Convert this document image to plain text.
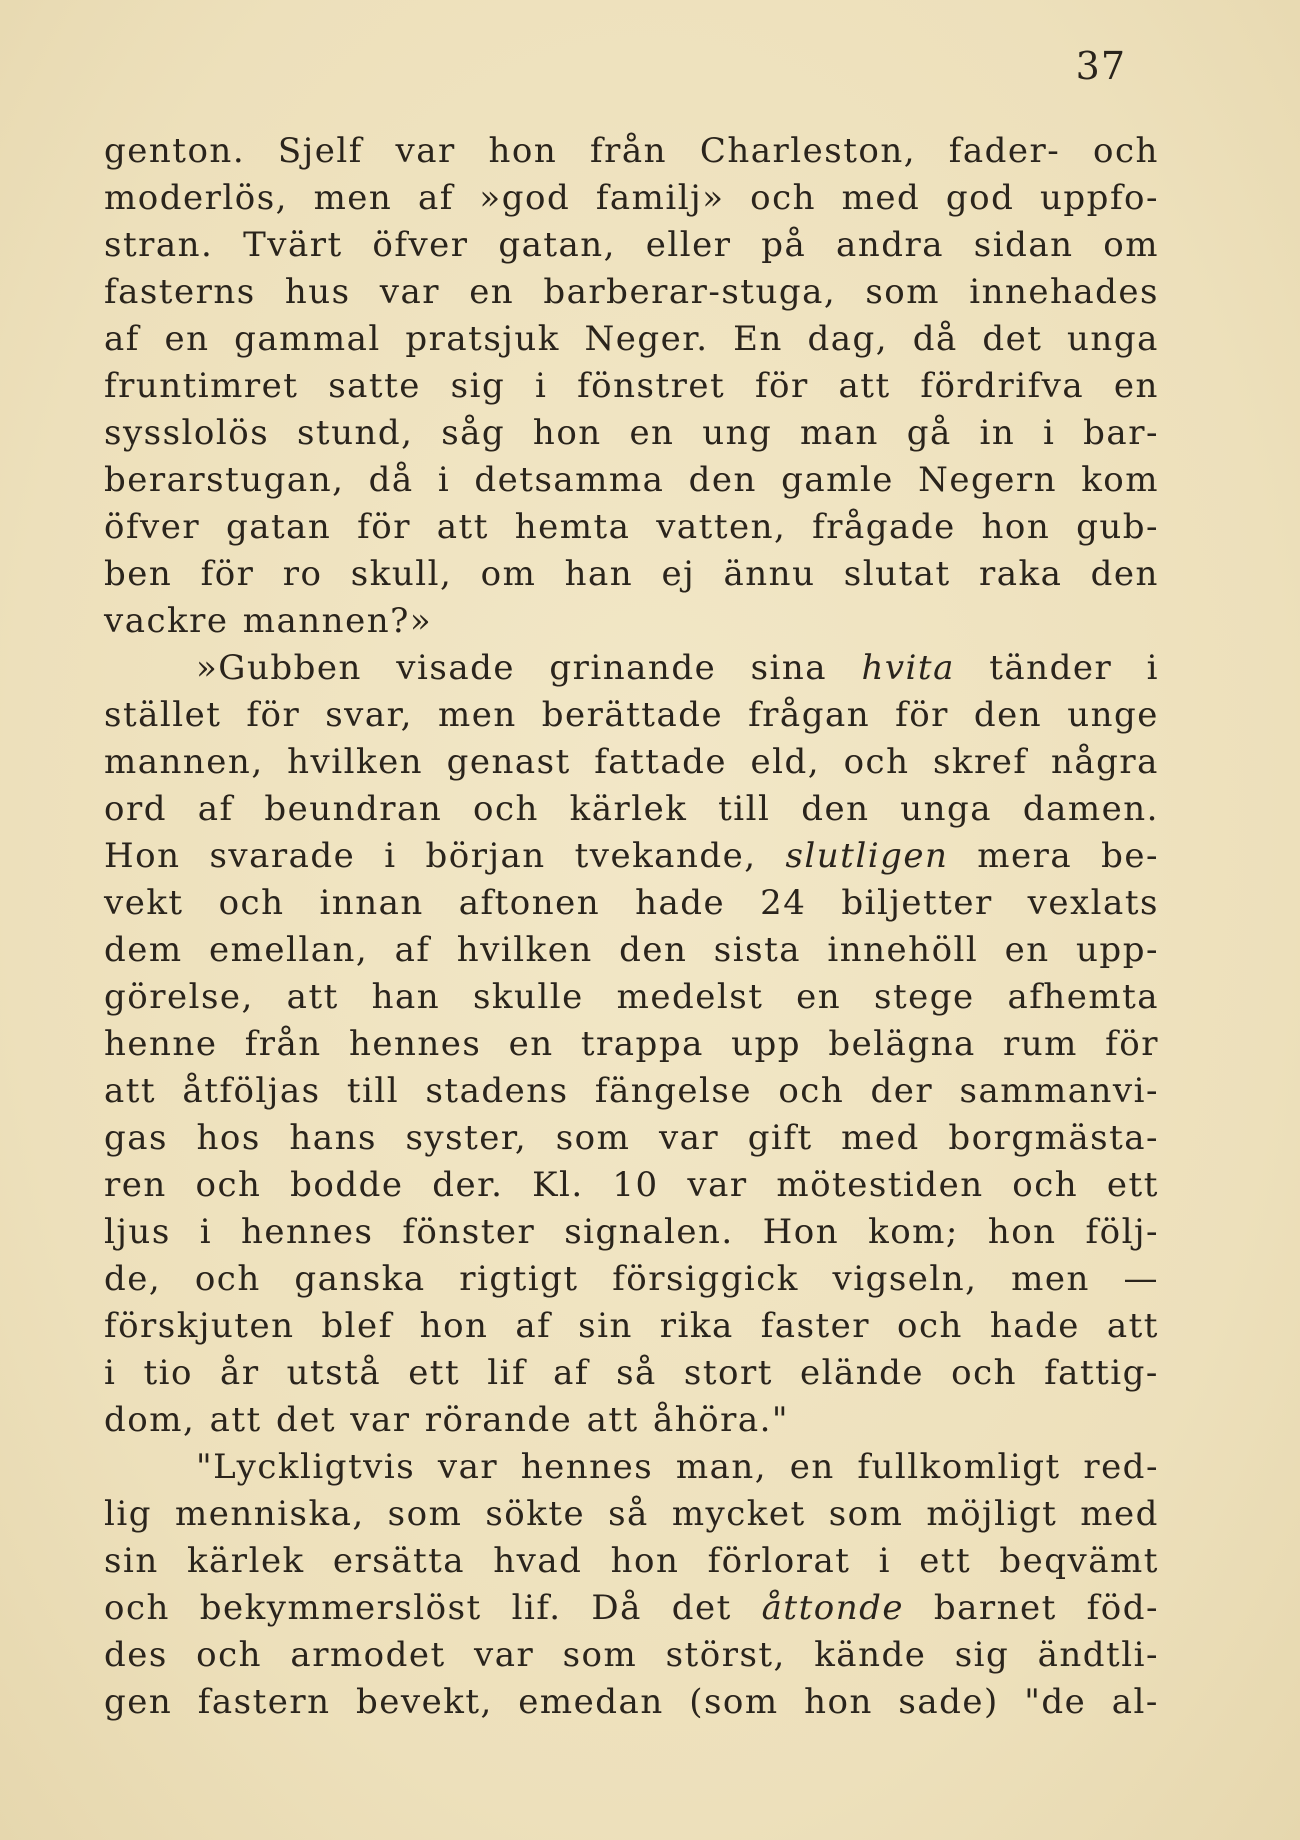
37
genton. Sjelf var hon från Charleston, fader- och
moderlös, men af »god familj» och med god uppfo-
stran. Tvärt öfver gatan, eller på andra sidan om
fasterns hus var en barberar-stuga, som innehades
af en gammal pratsjuk Neger. En dag, då det unga
fruntimret satte sig i fönstret för att fördrifva en
sysslolös stund, såg hon en ung man gå in i bar-
berarstugan, då i detsamma den gamle Negern kom
öfver gatan för att hemta vatten, frågade hon gub-
ben för ro skull, om han ej ännu slutat raka den
vackre mannen?»
»Gubben visade grinande sina hvita tänder i
stället för svar, men berättade frågan för den unge
mannen, hvilken genast fattade eld, och skref några
ord af beundran och kärlek till den unga damen.
Hon svarade i början tvekande, slutligen mera be-
vekt och innan aftonen hade 24 biljetter vexlats
dem emellan, af hvilken den sista innehöll en upp-
görelse, att han skulle medelst en stege afhemta
henne från hennes en trappa upp belägna rum för
att åtföljas till stadens fängelse och der sammanvi-
gas hos hans syster, som var gift med borgmästa-
ren och bodde der. Kl. 10 var mötestiden och ett
ljus i hennes fönster signalen. Hon kom; hon följ-
de, och ganska rigtigt försiggick vigseln, men —
förskjuten blef hon af sin rika faster och hade att
i tio år utstå ett lif af så stort elände och fattig-
dom, att det var rörande att åhöra."
"Lyckligtvis var hennes man, en fullkomligt red-
lig menniska, som sökte så mycket som möjligt med
sin kärlek ersätta hvad hon förlorat i ett beqvämt
och bekymmerslöst lif. Då det åttonde barnet föd-
des och armodet var som störst, kände sig ändtli-
gen fastern bevekt, emedan (som hon sade) "de al-
